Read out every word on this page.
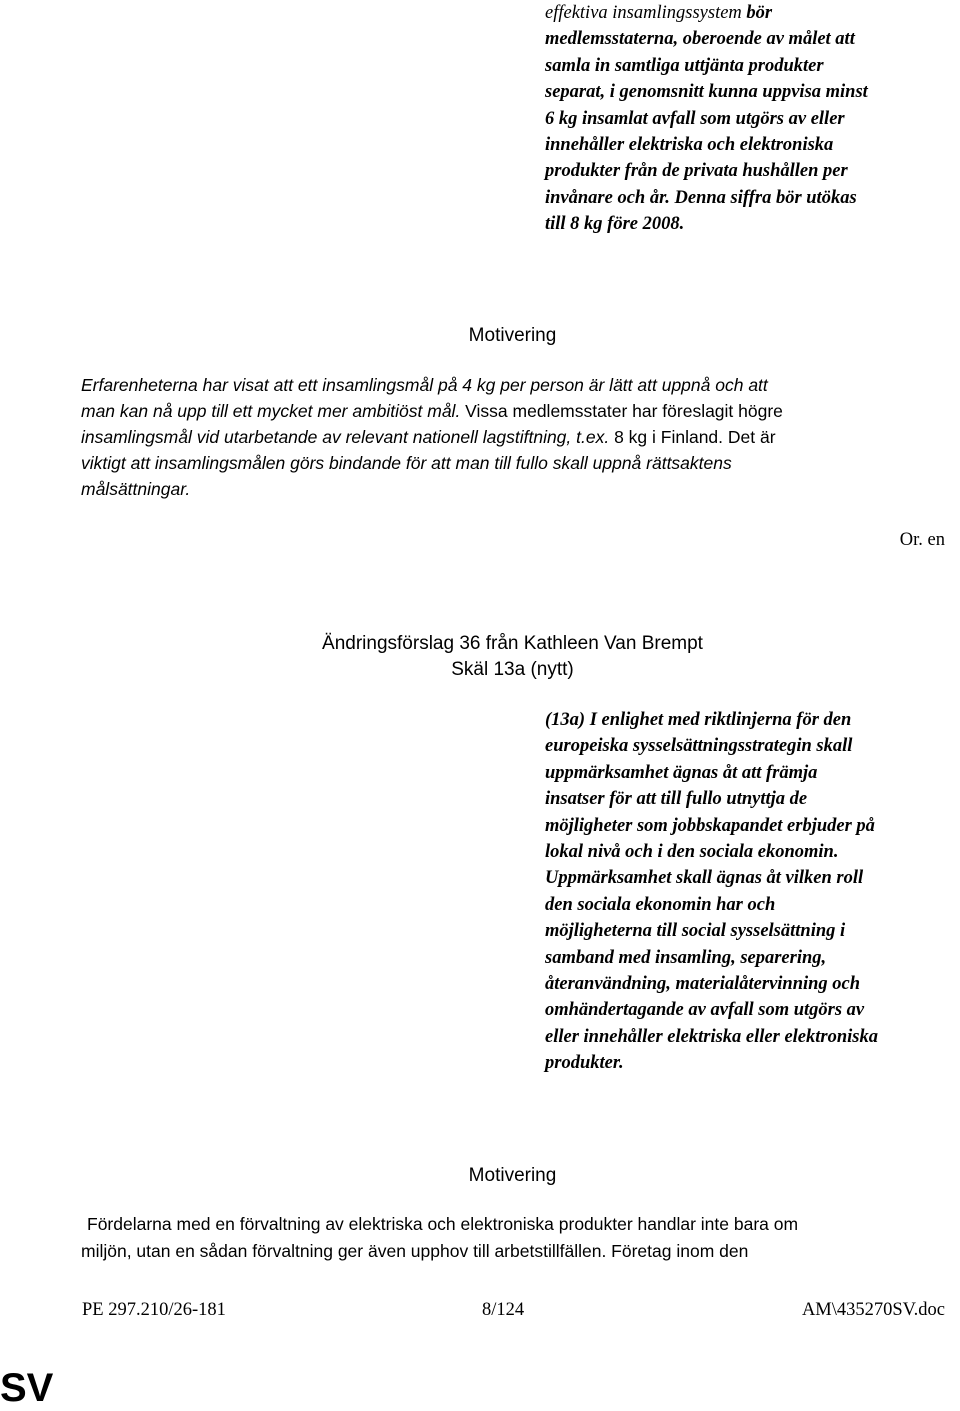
effektiva insamlingssystem bör
medlemsstaterna, oberoende av målet att
samla in samtliga uttjänta produkter
separat, i genomsnitt kunna uppvisa minst
6 kg insamlat avfall som utgörs av eller
innehåller elektriska och elektroniska
produkter från de privata hushållen per
invånare och år. Denna siffra bör utökas
till 8 kg före 2008.
Motivering
Erfarenheterna har visat att ett insamlingsmål på 4 kg per person är lätt att uppnå och att
man kan nå upp till ett mycket mer ambitiöst mål. Vissa medlemsstater har föreslagit högre
insamlingsmål vid utarbetande av relevant nationell lagstiftning, t.ex. 8 kg i Finland. Det är
viktigt att insamlingsmålen görs bindande för att man till fullo skall uppnå rättsaktens
målsättningar.
Or. en
Ändringsförslag 36 från Kathleen Van Brempt
Skäl 13a (nytt)
(13a) I enlighet med riktlinjerna för den
europeiska sysselsättningsstrategin skall
uppmärksamhet ägnas åt att främja
insatser för att till fullo utnyttja de
möjligheter som jobbskapandet erbjuder på
lokal nivå och i den sociala ekonomin.
Uppmärksamhet skall ägnas åt vilken roll
den sociala ekonomin har och
möjligheterna till social sysselsättning i
samband med insamling, separering,
återanvändning, materialåtervinning och
omhändertagande av avfall som utgörs av
eller innehåller elektriska eller elektroniska
produkter.
Motivering
Fördelarna med en förvaltning av elektriska och elektroniska produkter handlar inte bara om
miljön, utan en sådan förvaltning ger även upphov till arbetstillfällen. Företag inom den
PE 297.210/26-181	8/124	AM\435270SV.doc
SV
